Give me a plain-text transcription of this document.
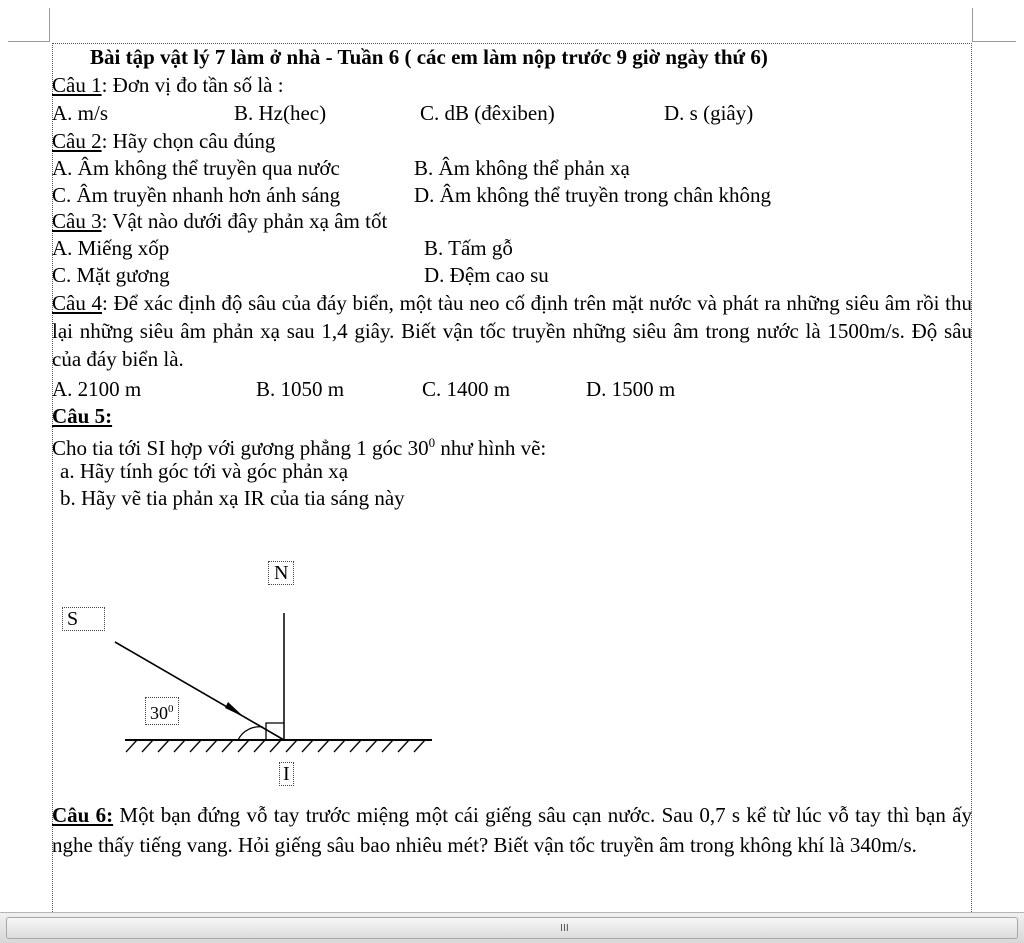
Bài tập vật lý 7 làm ở nhà - Tuần 6 ( các em làm nộp trước 9 giờ ngày thứ 6)
Câu 1: Đơn vị đo tần số là :
A. m/s	B. Hz(hec)	C. dB (đêxiben)	D. s (giây)
Câu 2: Hãy chọn câu đúng
A. Âm không thể truyền qua nước	B. Âm không thể phản xạ
C. Âm truyền nhanh hơn ánh sáng	D. Âm không thể truyền trong chân không
Câu 3: Vật nào dưới đây phản xạ âm tốt
A. Miếng xốp	B. Tấm gỗ
C. Mặt gương	D. Đệm cao su
Câu 4: Để xác định độ sâu của đáy biển, một tàu neo cố định trên mặt nước và phát ra những siêu âm rồi thu lại những siêu âm phản xạ sau 1,4 giây. Biết vận tốc truyền những siêu âm trong nước là 1500m/s. Độ sâu của đáy biển là.
A. 2100 m	B. 1050 m	C. 1400 m	D. 1500 m
Câu 5:
Cho tia tới SI hợp với gương phẳng 1 góc $30^0$ như hình vẽ:
a. Hãy tính góc tới và góc phản xạ
b. Hãy vẽ tia phản xạ IR của tia sáng này
N
S
$30^0$
I
Câu 6: Một bạn đứng vỗ tay trước miệng một cái giếng sâu cạn nước. Sau 0,7 s kể từ lúc vỗ tay thì bạn ấy nghe thấy tiếng vang. Hỏi giếng sâu bao nhiêu mét? Biết vận tốc truyền âm trong không khí là 340m/s.
III
